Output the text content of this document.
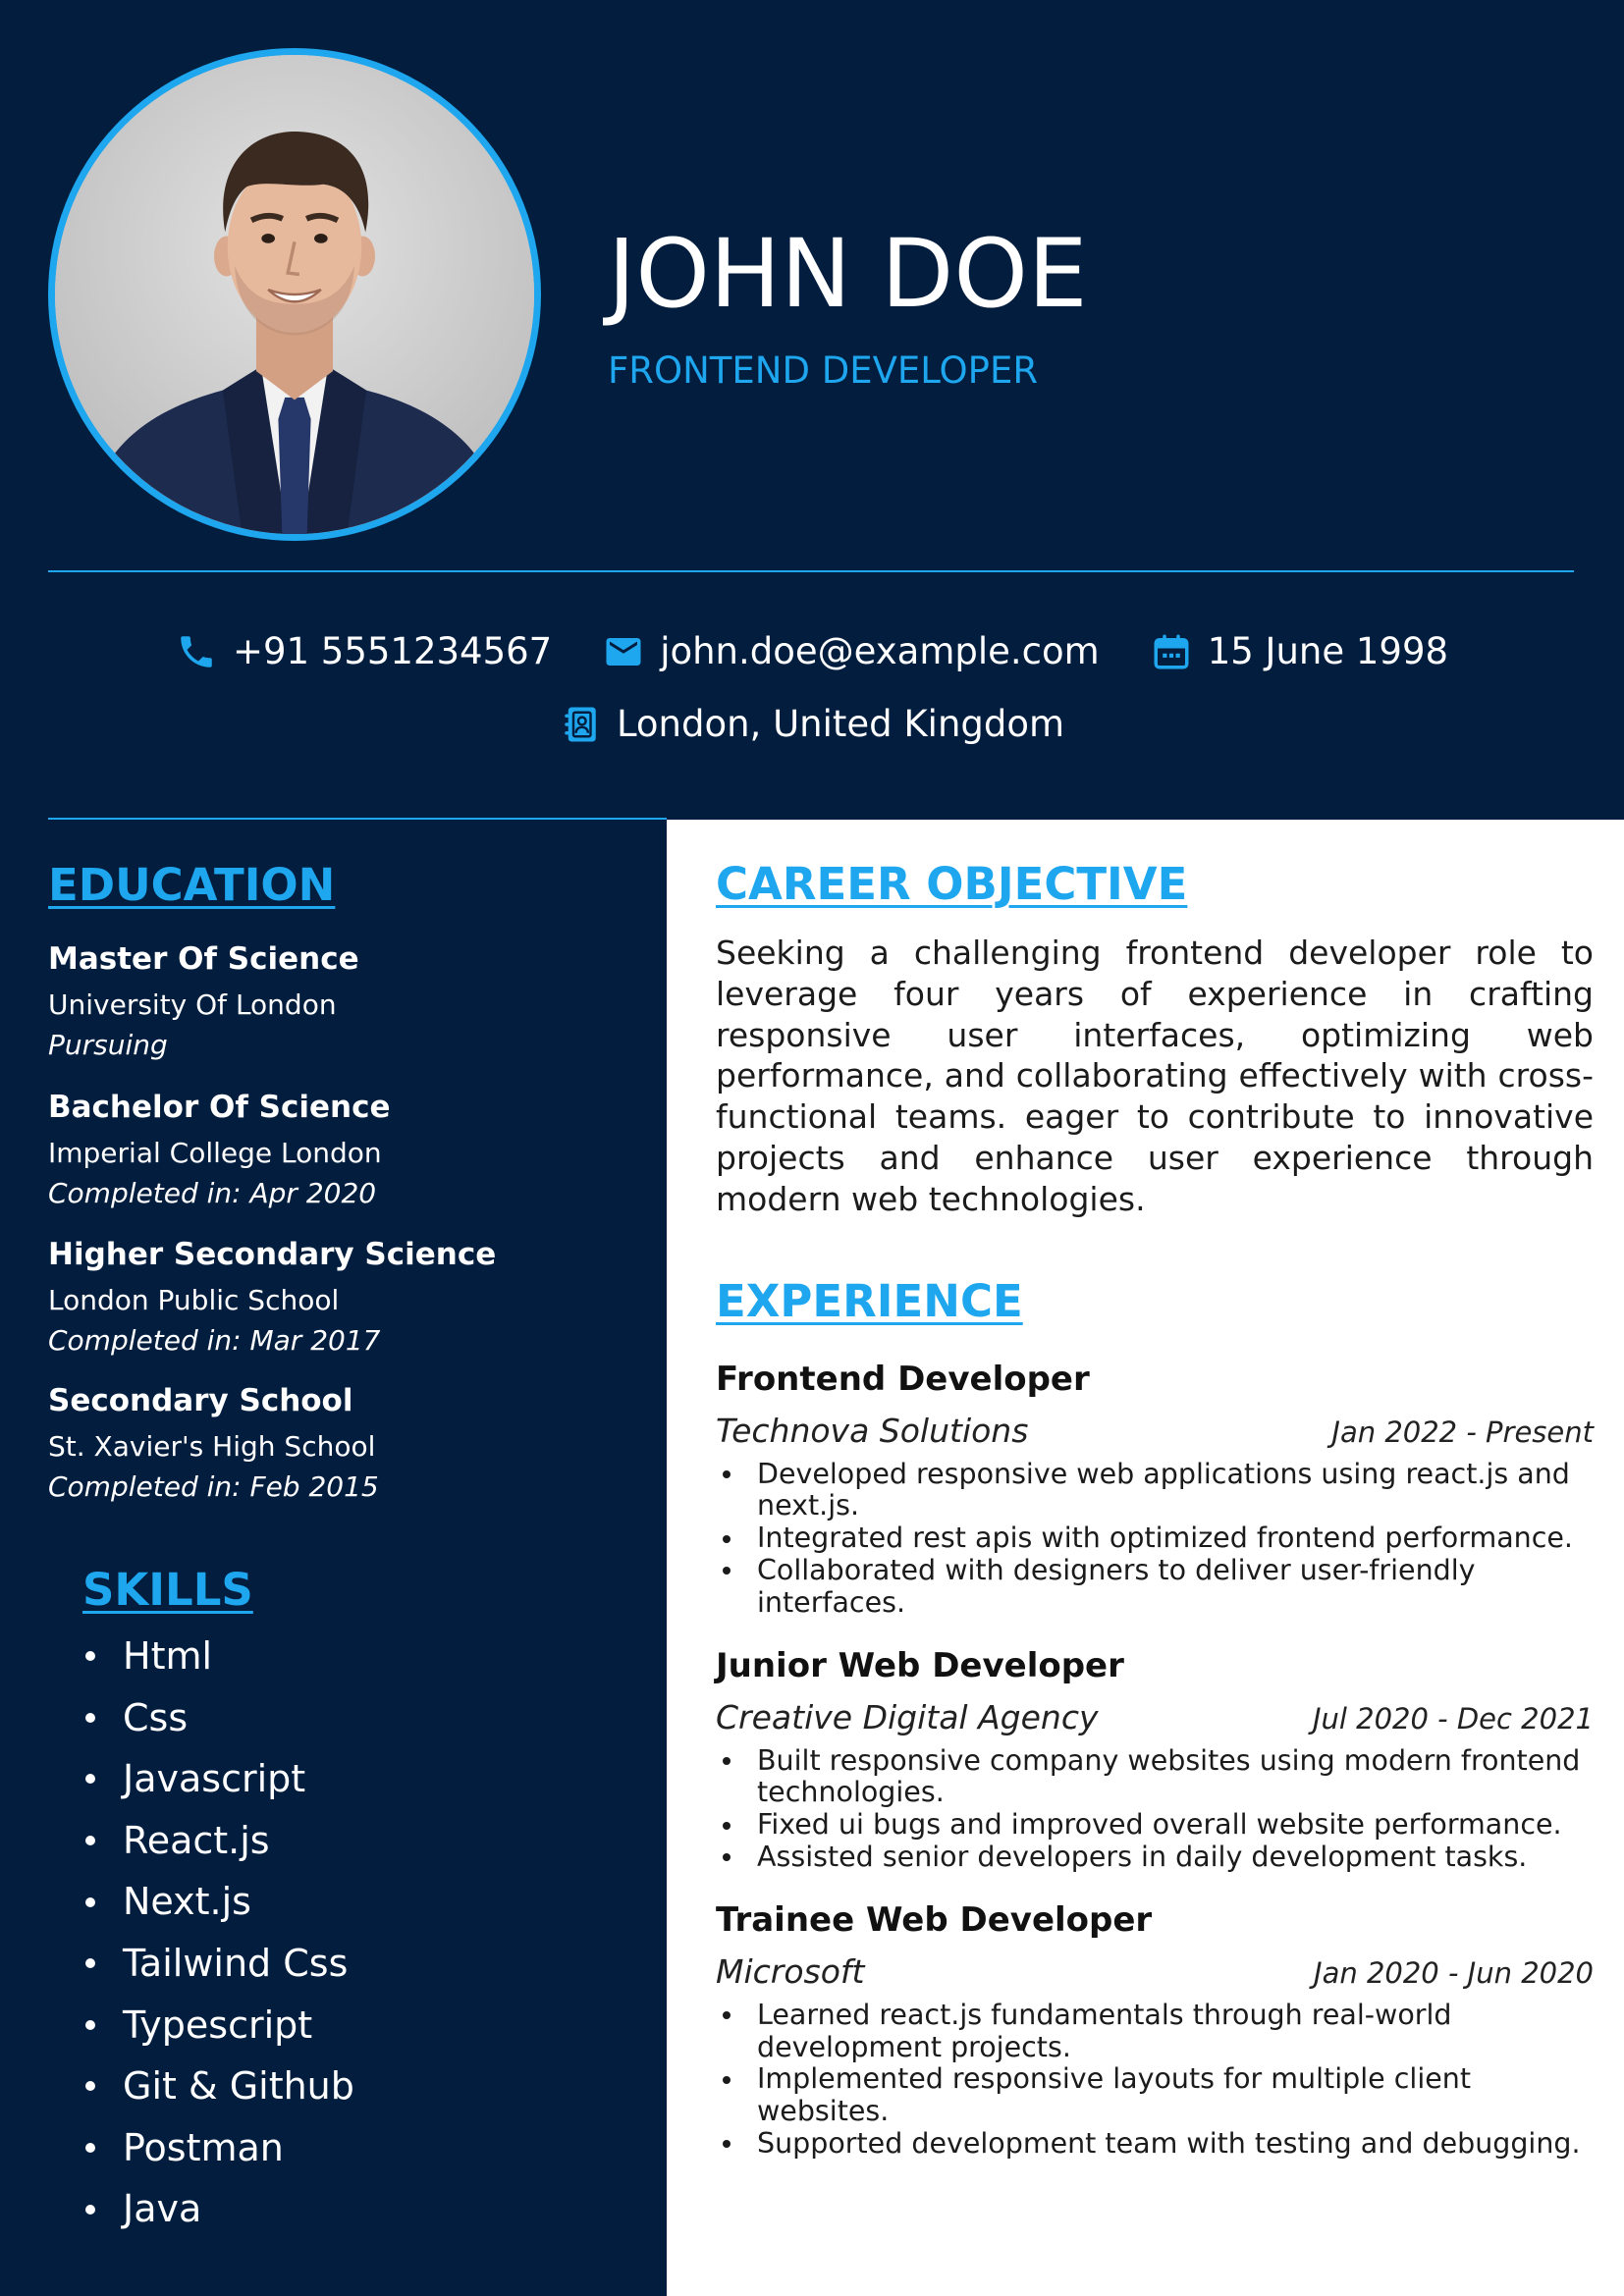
JOHN DOE
FRONTEND DEVELOPER
+91 5551234567	john.doe@example.com	15 June 1998
London, United Kingdom
EDUCATION
Master Of Science
University Of London
Pursuing
Bachelor Of Science
Imperial College London
Completed in: Apr 2020
Higher Secondary Science
London Public School
Completed in: Mar 2017
Secondary School
St. Xavier's High School
Completed in: Feb 2015
SKILLS
Html
Css
Javascript
React.js
Next.js
Tailwind Css
Typescript
Git & Github
Postman
Java
CAREER OBJECTIVE

Seeking a challenging frontend developer role to leverage four years of experience in crafting responsive user interfaces, optimizing web performance, and collaborating effectively with cross-functional teams. eager to contribute to innovative projects and enhance user experience through modern web technologies.

EXPERIENCE
Frontend Developer
Technova Solutions	Jan 2022 - Present
Developed responsive web applications using react.js and next.js.
Integrated rest apis with optimized frontend performance.
Collaborated with designers to deliver user-friendly interfaces.
Junior Web Developer
Creative Digital Agency	Jul 2020 - Dec 2021
Built responsive company websites using modern frontend technologies.
Fixed ui bugs and improved overall website performance.
Assisted senior developers in daily development tasks.
Trainee Web Developer
Microsoft	Jan 2020 - Jun 2020
Learned react.js fundamentals through real-world development projects.
Implemented responsive layouts for multiple client websites.
Supported development team with testing and debugging.
